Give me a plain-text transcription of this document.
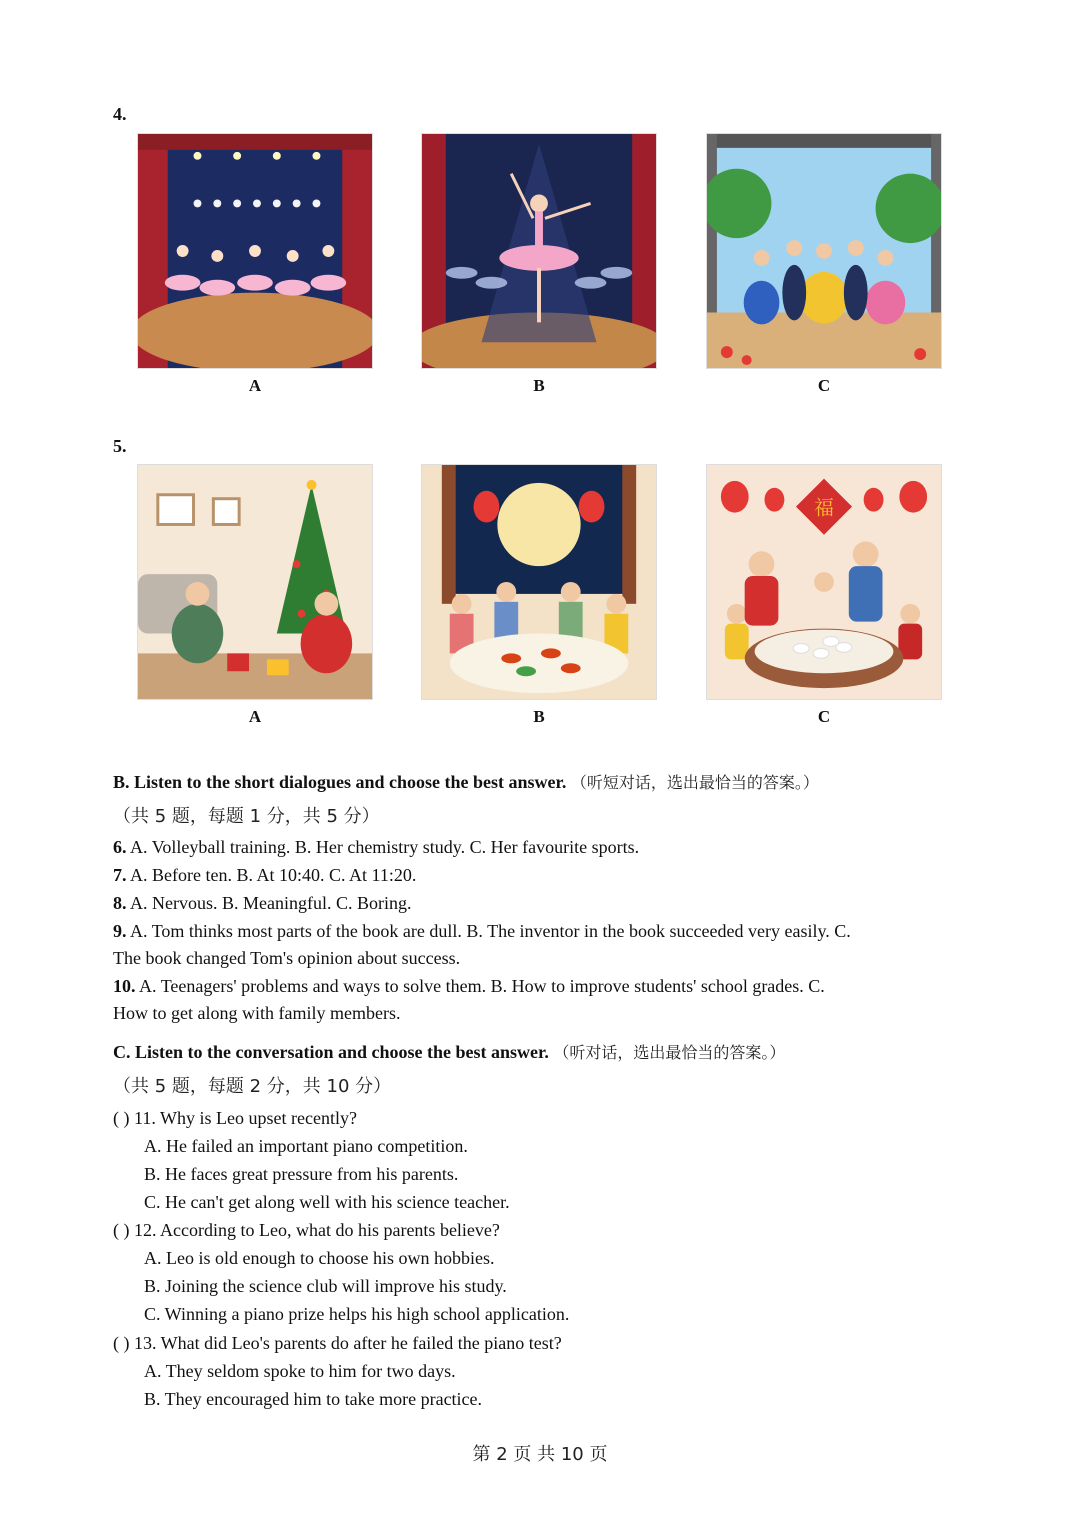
4.
A	B	C
5.
A	B
福
C
B. Listen to the short dialogues and choose the best answer. （听短对话，选出最恰当的答案。）
（共 5 题，每题 1 分，共 5 分）
6. A. Volleyball training. B. Her chemistry study. C. Her favourite sports.
7. A. Before ten. B. At 10:40. C. At 11:20.
8. A. Nervous. B. Meaningful. C. Boring.
9. A. Tom thinks most parts of the book are dull. B. The inventor in the book succeeded very easily. C.
The book changed Tom's opinion about success.
10. A. Teenagers' problems and ways to solve them. B. How to improve students' school grades. C.
How to get along with family members.
C. Listen to the conversation and choose the best answer. （听对话，选出最恰当的答案。）
（共 5 题，每题 2 分，共 10 分）
( ) 11. Why is Leo upset recently?
A. He failed an important piano competition.
B. He faces great pressure from his parents.
C. He can't get along well with his science teacher.
( ) 12. According to Leo, what do his parents believe?
A. Leo is old enough to choose his own hobbies.
B. Joining the science club will improve his study.
C. Winning a piano prize helps his high school application.
( ) 13. What did Leo's parents do after he failed the piano test?
A. They seldom spoke to him for two days.
B. They encouraged him to take more practice.
第 2 页 共 10 页
